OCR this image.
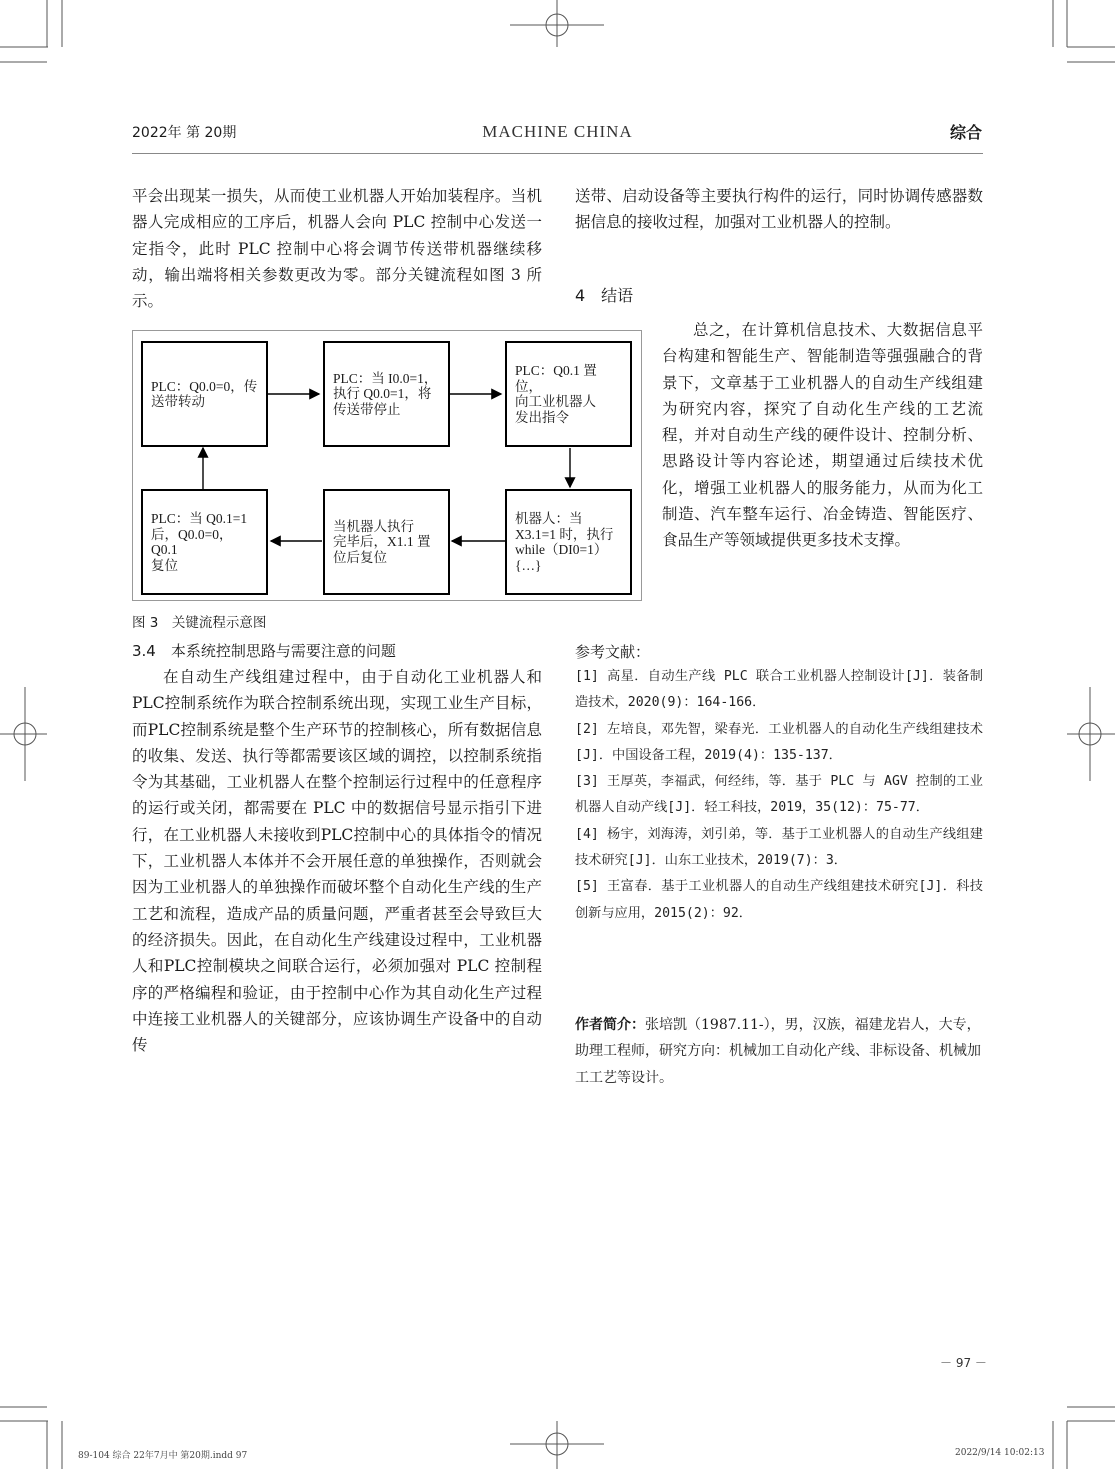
2022年 第 20期	MACHINE CHINA	综合

平会出现某一损失，从而使工业机器人开始加装程序。当机器人完成相应的工序后，机器人会向 PLC 控制中心发送一定指令，此时 PLC 控制中心将会调节传送带机器继续移动，输出端将相关参数更改为零。部分关键流程如图 3 所示。

PLC：Q0.0=0，传
送带转动
PLC：当 I0.0=1，
执行 Q0.0=1，将
传送带停止
PLC：Q0.1 置位，
向工业机器人
发出指令
机器人：当
X3.1=1 时，执行
while（DI0=1）{…}
当机器人执行
完毕后，X1.1 置
位后复位
PLC：当 Q0.1=1
后，Q0.0=0，Q0.1
复位
图 3　关键流程示意图
3.4　本系统控制思路与需要注意的问题

在自动生产线组建过程中，由于自动化工业机器人和PLC控制系统作为联合控制系统出现，实现工业生产目标，而PLC控制系统是整个生产环节的控制核心，所有数据信息的收集、发送、执行等都需要该区域的调控，以控制系统指令为其基础，工业机器人在整个控制运行过程中的任意程序的运行或关闭，都需要在 PLC 中的数据信号显示指引下进行，在工业机器人未接收到PLC控制中心的具体指令的情况下，工业机器人本体并不会开展任意的单独操作，否则就会因为工业机器人的单独操作而破坏整个自动化生产线的生产工艺和流程，造成产品的质量问题，严重者甚至会导致巨大的经济损失。因此，在自动化生产线建设过程中，工业机器人和PLC控制模块之间联合运行，必须加强对 PLC 控制程序的严格编程和验证，由于控制中心作为其自动化生产过程中连接工业机器人的关键部分，应该协调生产设备中的自动传

送带、启动设备等主要执行构件的运行，同时协调传感器数据信息的接收过程，加强对工业机器人的控制。

4　结语

总之，在计算机信息技术、大数据信息平台构建和智能生产、智能制造等强强融合的背景下，文章基于工业机器人的自动生产线组建为研究内容，探究了自动化生产线的工艺流程，并对自动生产线的硬件设计、控制分析、思路设计等内容论述，期望通过后续技术优化，增强工业机器人的服务能力，从而为化工制造、汽车整车运行、冶金铸造、智能医疗、食品生产等领域提供更多技术支撑。

参考文献：

[1] 高星．自动生产线 PLC 联合工业机器人控制设计[J]．装备制造技术，2020(9)：164-166．

[2] 左培良，邓先智，梁春光．工业机器人的自动化生产线组建技术[J]．中国设备工程，2019(4)：135-137．

[3] 王厚英，李福武，何经纬，等．基于 PLC 与 AGV 控制的工业机器人自动产线[J]．轻工科技，2019，35(12)：75-77．

[4] 杨宇，刘海涛，刘引弟，等．基于工业机器人的自动生产线组建技术研究[J]．山东工业技术，2019(7)：3．

[5] 王富春．基于工业机器人的自动生产线组建技术研究[J]．科技创新与应用，2015(2)：92．

作者简介：张培凯（1987.11-），男，汉族，福建龙岩人，大专，助理工程师，研究方向：机械加工自动化产线、非标设备、机械加工工艺等设计。
－ 97 －
89-104 综合 22年7月中 第20期.indd 97	2022/9/14 10:02:13
